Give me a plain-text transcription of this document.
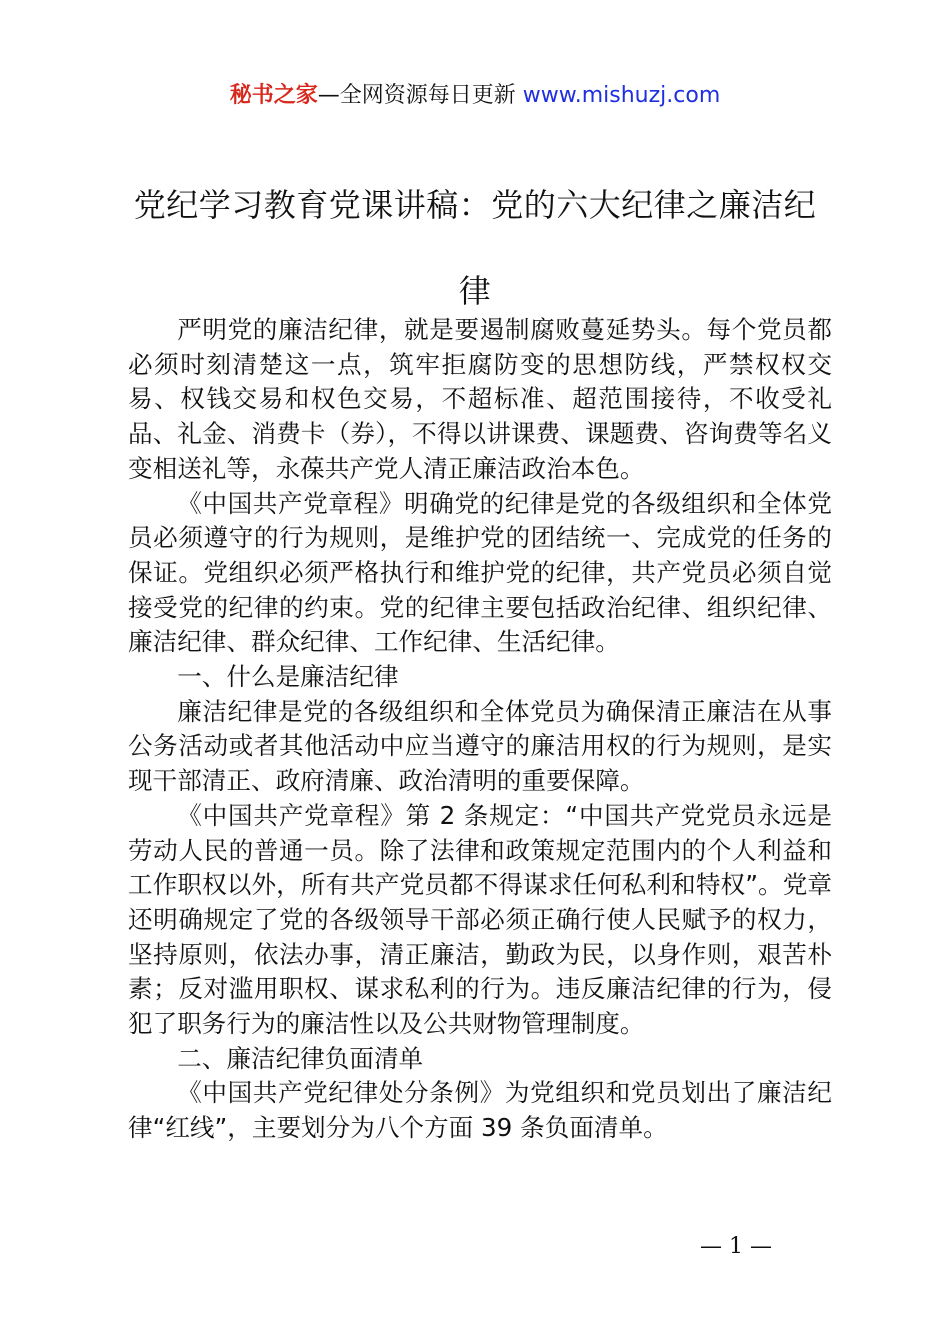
秘书之家—全网资源每日更新 www.mishuzj.com
党纪学习教育党课讲稿：党的六大纪律之廉洁纪律

严明党的廉洁纪律，就是要遏制腐败蔓延势头。每个党员都必须时刻清楚这一点，筑牢拒腐防变的思想防线，严禁权权交易、权钱交易和权色交易，不超标准、超范围接待，不收受礼品、礼金、消费卡（券），不得以讲课费、课题费、咨询费等名义变相送礼等，永葆共产党人清正廉洁政治本色。

《中国共产党章程》明确党的纪律是党的各级组织和全体党员必须遵守的行为规则，是维护党的团结统一、完成党的任务的保证。党组织必须严格执行和维护党的纪律，共产党员必须自觉接受党的纪律的约束。党的纪律主要包括政治纪律、组织纪律、廉洁纪律、群众纪律、工作纪律、生活纪律。

一、什么是廉洁纪律

廉洁纪律是党的各级组织和全体党员为确保清正廉洁在从事公务活动或者其他活动中应当遵守的廉洁用权的行为规则，是实现干部清正、政府清廉、政治清明的重要保障。

《中国共产党章程》第 2 条规定：“中国共产党党员永远是劳动人民的普通一员。除了法律和政策规定范围内的个人利益和工作职权以外，所有共产党员都不得谋求任何私利和特权”。党章还明确规定了党的各级领导干部必须正确行使人民赋予的权力，坚持原则，依法办事，清正廉洁，勤政为民，以身作则，艰苦朴素；反对滥用职权、谋求私利的行为。违反廉洁纪律的行为，侵犯了职务行为的廉洁性以及公共财物管理制度。

二、廉洁纪律负面清单

《中国共产党纪律处分条例》为党组织和党员划出了廉洁纪律“红线”，主要划分为八个方面 39 条负面清单。

— 1 —
